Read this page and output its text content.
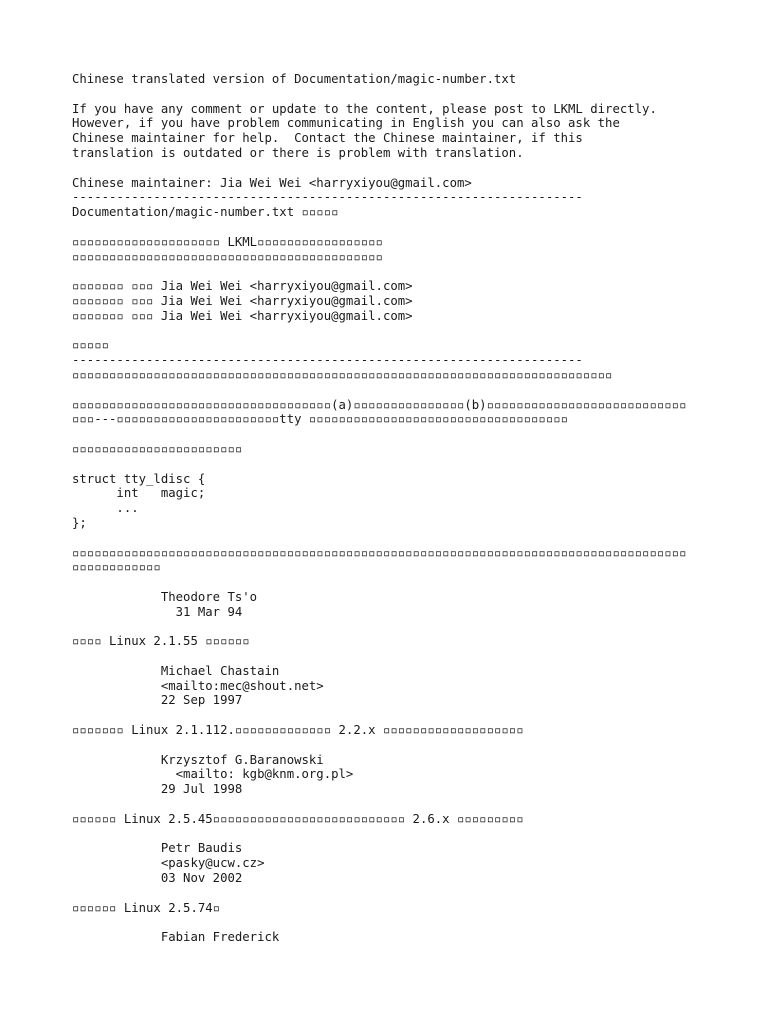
Chinese translated version of Documentation/magic-number.txt
If you have any comment or update to the content, please post to LKML directly.
However, if you have problem communicating in English you can also ask the
Chinese maintainer for help.  Contact the Chinese maintainer, if this
translation is outdated or there is problem with translation.
Chinese maintainer: Jia Wei Wei <harryxiyou@gmail.com>
---------------------------------------------------------------------
Documentation/magic-number.txt ▫▫▫▫▫
▫▫▫▫▫▫▫▫▫▫▫▫▫▫▫▫▫▫▫▫ LKML▫▫▫▫▫▫▫▫▫▫▫▫▫▫▫▫▫
▫▫▫▫▫▫▫▫▫▫▫▫▫▫▫▫▫▫▫▫▫▫▫▫▫▫▫▫▫▫▫▫▫▫▫▫▫▫▫▫▫▫
▫▫▫▫▫▫▫ ▫▫▫ Jia Wei Wei <harryxiyou@gmail.com>
▫▫▫▫▫▫▫ ▫▫▫ Jia Wei Wei <harryxiyou@gmail.com>
▫▫▫▫▫▫▫ ▫▫▫ Jia Wei Wei <harryxiyou@gmail.com>
▫▫▫▫▫
---------------------------------------------------------------------
▫▫▫▫▫▫▫▫▫▫▫▫▫▫▫▫▫▫▫▫▫▫▫▫▫▫▫▫▫▫▫▫▫▫▫▫▫▫▫▫▫▫▫▫▫▫▫▫▫▫▫▫▫▫▫▫▫▫▫▫▫▫▫▫▫▫▫▫▫▫▫▫▫
▫▫▫▫▫▫▫▫▫▫▫▫▫▫▫▫▫▫▫▫▫▫▫▫▫▫▫▫▫▫▫▫▫▫▫(a)▫▫▫▫▫▫▫▫▫▫▫▫▫▫▫(b)▫▫▫▫▫▫▫▫▫▫▫▫▫▫▫▫▫▫▫▫▫▫▫▫▫▫▫
▫▫▫---▫▫▫▫▫▫▫▫▫▫▫▫▫▫▫▫▫▫▫▫▫▫tty ▫▫▫▫▫▫▫▫▫▫▫▫▫▫▫▫▫▫▫▫▫▫▫▫▫▫▫▫▫▫▫▫▫▫▫
▫▫▫▫▫▫▫▫▫▫▫▫▫▫▫▫▫▫▫▫▫▫▫
struct tty_ldisc {
int   magic;
...
};
▫▫▫▫▫▫▫▫▫▫▫▫▫▫▫▫▫▫▫▫▫▫▫▫▫▫▫▫▫▫▫▫▫▫▫▫▫▫▫▫▫▫▫▫▫▫▫▫▫▫▫▫▫▫▫▫▫▫▫▫▫▫▫▫▫▫▫▫▫▫▫▫▫▫▫▫▫▫▫▫▫▫▫
▫▫▫▫▫▫▫▫▫▫▫▫
Theodore Ts'o
31 Mar 94
▫▫▫▫ Linux 2.1.55 ▫▫▫▫▫▫
Michael Chastain
<mailto:mec@shout.net>
22 Sep 1997
▫▫▫▫▫▫▫ Linux 2.1.112.▫▫▫▫▫▫▫▫▫▫▫▫▫ 2.2.x ▫▫▫▫▫▫▫▫▫▫▫▫▫▫▫▫▫▫▫
Krzysztof G.Baranowski
<mailto: kgb@knm.org.pl>
29 Jul 1998
▫▫▫▫▫▫ Linux 2.5.45▫▫▫▫▫▫▫▫▫▫▫▫▫▫▫▫▫▫▫▫▫▫▫▫▫▫ 2.6.x ▫▫▫▫▫▫▫▫▫
Petr Baudis
<pasky@ucw.cz>
03 Nov 2002
▫▫▫▫▫▫ Linux 2.5.74▫
Fabian Frederick
